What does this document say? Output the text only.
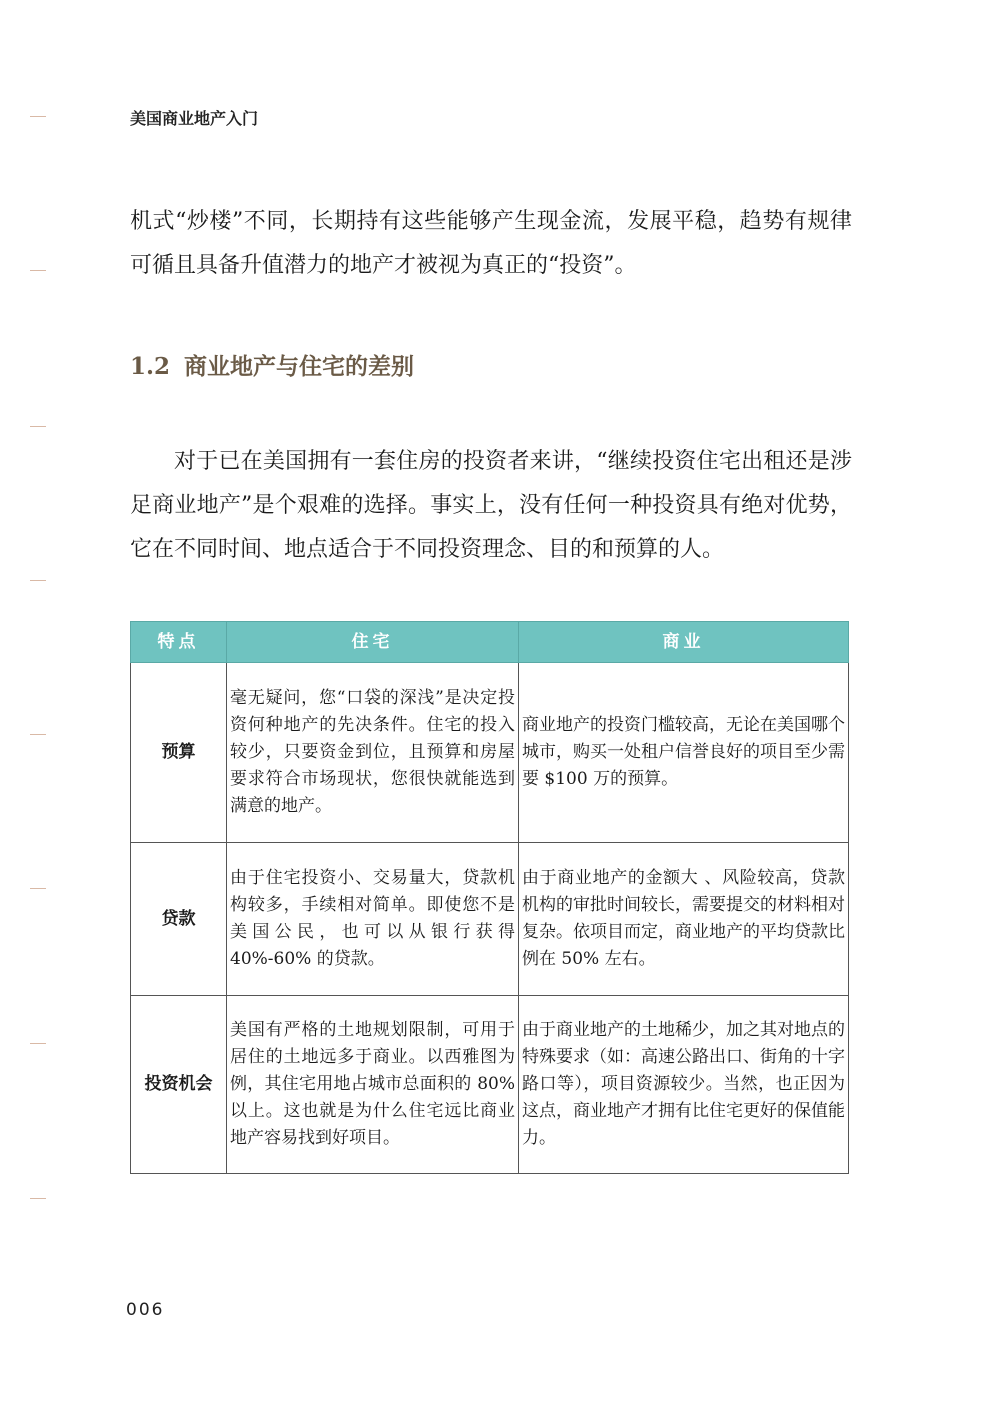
美国商业地产入门

机式“炒楼”不同，长期持有这些能够产生现金流，发展平稳，趋势有规律可循且具备升值潜力的地产才被视为真正的“投资”。

1.2 商业地产与住宅的差别

对于已在美国拥有一套住房的投资者来讲，“继续投资住宅出租还是涉足商业地产”是个艰难的选择。事实上，没有任何一种投资具有绝对优势，它在不同时间、地点适合于不同投资理念、目的和预算的人。

特点	住宅	商业
预算	毫无疑问，您“口袋的深浅”是决定投资何种地产的先决条件。住宅的投入较少，只要资金到位，且预算和房屋要求符合市场现状，您很快就能选到满意的地产。	商业地产的投资门槛较高，无论在美国哪个城市，购买一处租户信誉良好的项目至少需要 $100 万的预算。
贷款	由于住宅投资小、交易量大，贷款机构较多，手续相对简单。即使您不是美国公民，也可以从银行获得 40%-60% 的贷款。	由于商业地产的金额大 、风险较高，贷款机构的审批时间较长，需要提交的材料相对复杂。依项目而定，商业地产的平均贷款比例在 50% 左右。
投资机会	美国有严格的土地规划限制，可用于居住的土地远多于商业。以西雅图为例，其住宅用地占城市总面积的 80% 以上。这也就是为什么住宅远比商业地产容易找到好项目。	由于商业地产的土地稀少，加之其对地点的特殊要求（如：高速公路出口、街角的十字路口等），项目资源较少。当然，也正因为这点，商业地产才拥有比住宅更好的保值能力。
006
